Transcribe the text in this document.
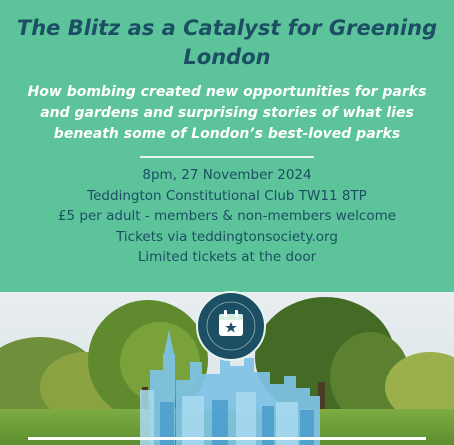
The Blitz as a Catalyst for Greening
London

How bombing created new opportunities for parks
and gardens and surprising stories of what lies
beneath some of London’s best-loved parks

8pm, 27 November 2024
Teddington Constitutional Club TW11 8TP
£5 per adult - members & non-members welcome
Tickets via teddingtonsociety.org
Limited tickets at the door
